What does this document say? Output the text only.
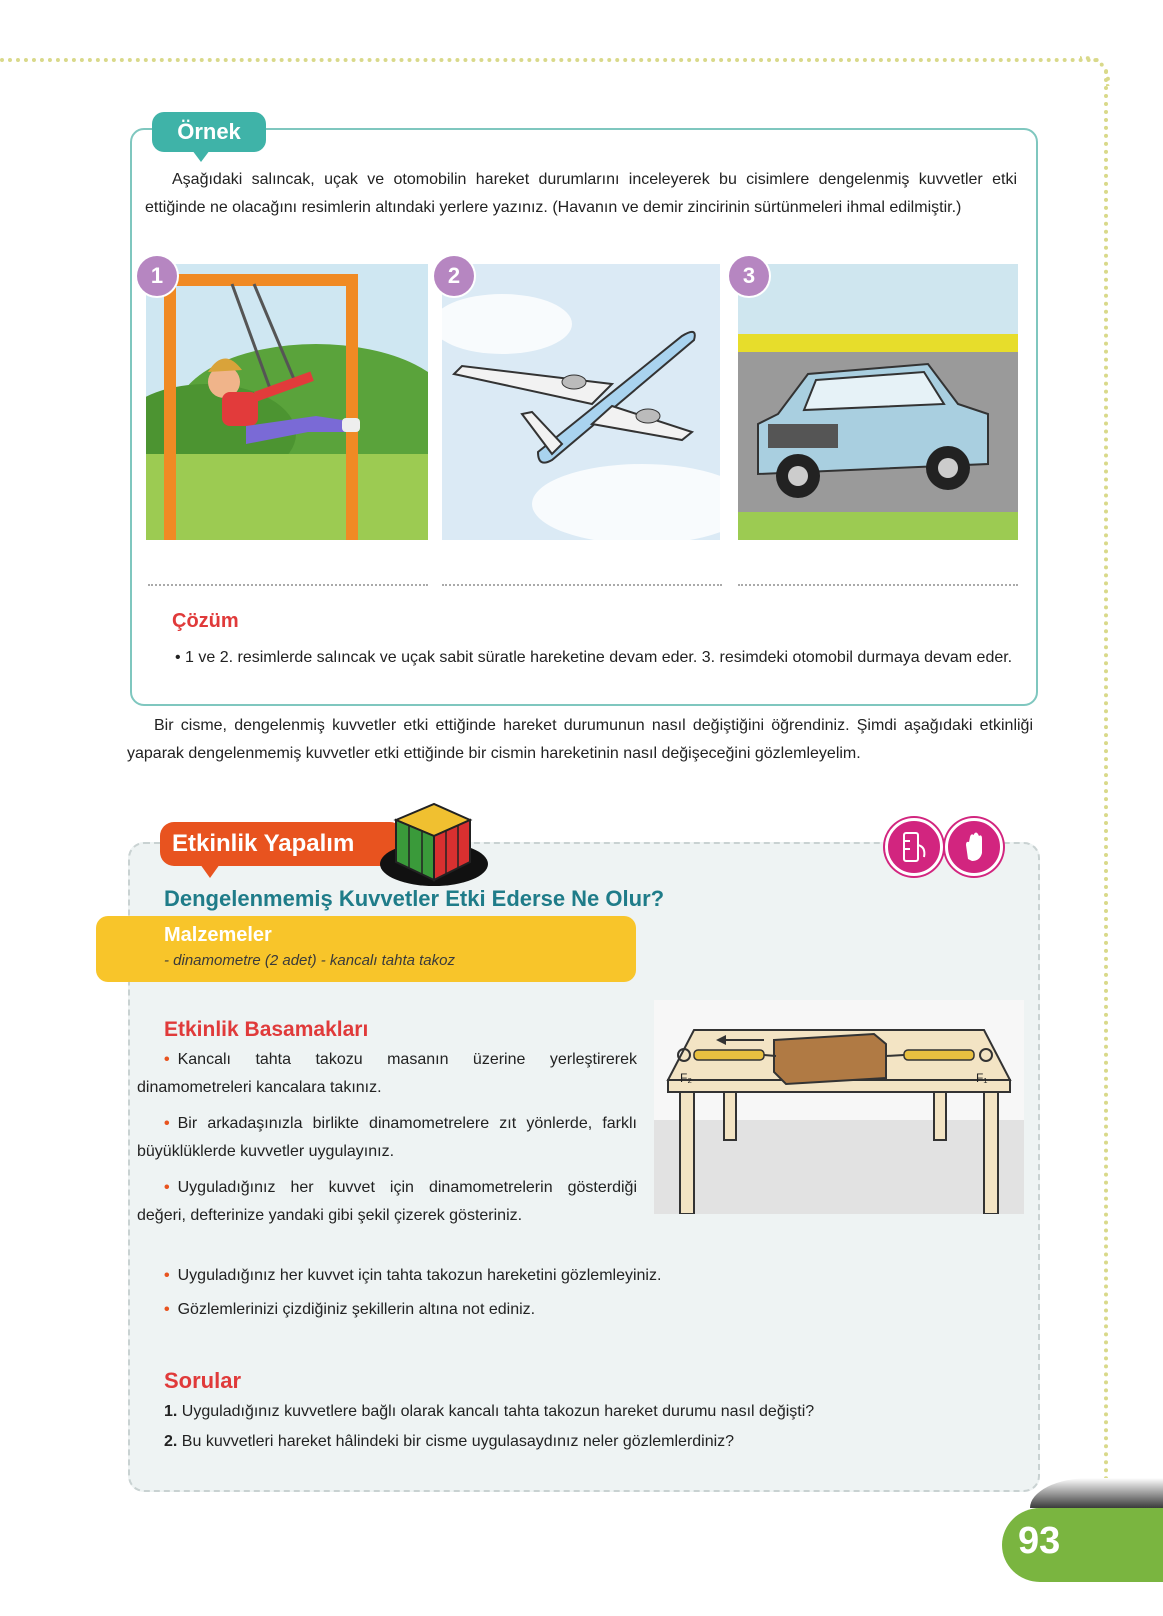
Örnek
Aşağıdaki salıncak, uçak ve otomobilin hareket durumlarını inceleyerek bu cisimlere dengelenmiş kuvvetler etki ettiğinde ne olacağını resimlerin altındaki yerlere yazınız. (Havanın ve demir zincirinin sürtünmeleri ihmal edilmiştir.)
1	2	3
Çözüm
• 1 ve 2. resimlerde salıncak ve uçak sabit süratle hareketine devam eder. 3. resimdeki otomobil durmaya devam eder.
Bir cisme, dengelenmiş kuvvetler etki ettiğinde hareket durumunun nasıl değiştiğini öğrendiniz. Şimdi aşağıdaki etkinliği yaparak dengelenmemiş kuvvetler etki ettiğinde bir cismin hareketinin nasıl değişeceğini gözlemleyelim.
Etkinlik Yapalım
Dengelenmemiş Kuvvetler Etki Ederse Ne Olur?
Malzemeler
- dinamometre (2 adet) - kancalı tahta takoz
Etkinlik Basamakları
• Kancalı tahta takozu masanın üzerine yerleştirerek dinamometreleri kancalara takınız.
• Bir arkadaşınızla birlikte dinamometrelere zıt yönlerde, farklı büyüklüklerde kuvvetler uygulayınız.
• Uyguladığınız her kuvvet için dinamometrelerin gösterdiği değeri, defterinize yandaki gibi şekil çizerek gösteriniz.
• Uyguladığınız her kuvvet için tahta takozun hareketini gözlemleyiniz.
• Gözlemlerinizi çizdiğiniz şekillerin altına not ediniz.
F₂	F₁
Sorular
1. Uyguladığınız kuvvetlere bağlı olarak kancalı tahta takozun hareket durumu nasıl değişti?
2. Bu kuvvetleri hareket hâlindeki bir cisme uygulasaydınız neler gözlemlerdiniz?
93
